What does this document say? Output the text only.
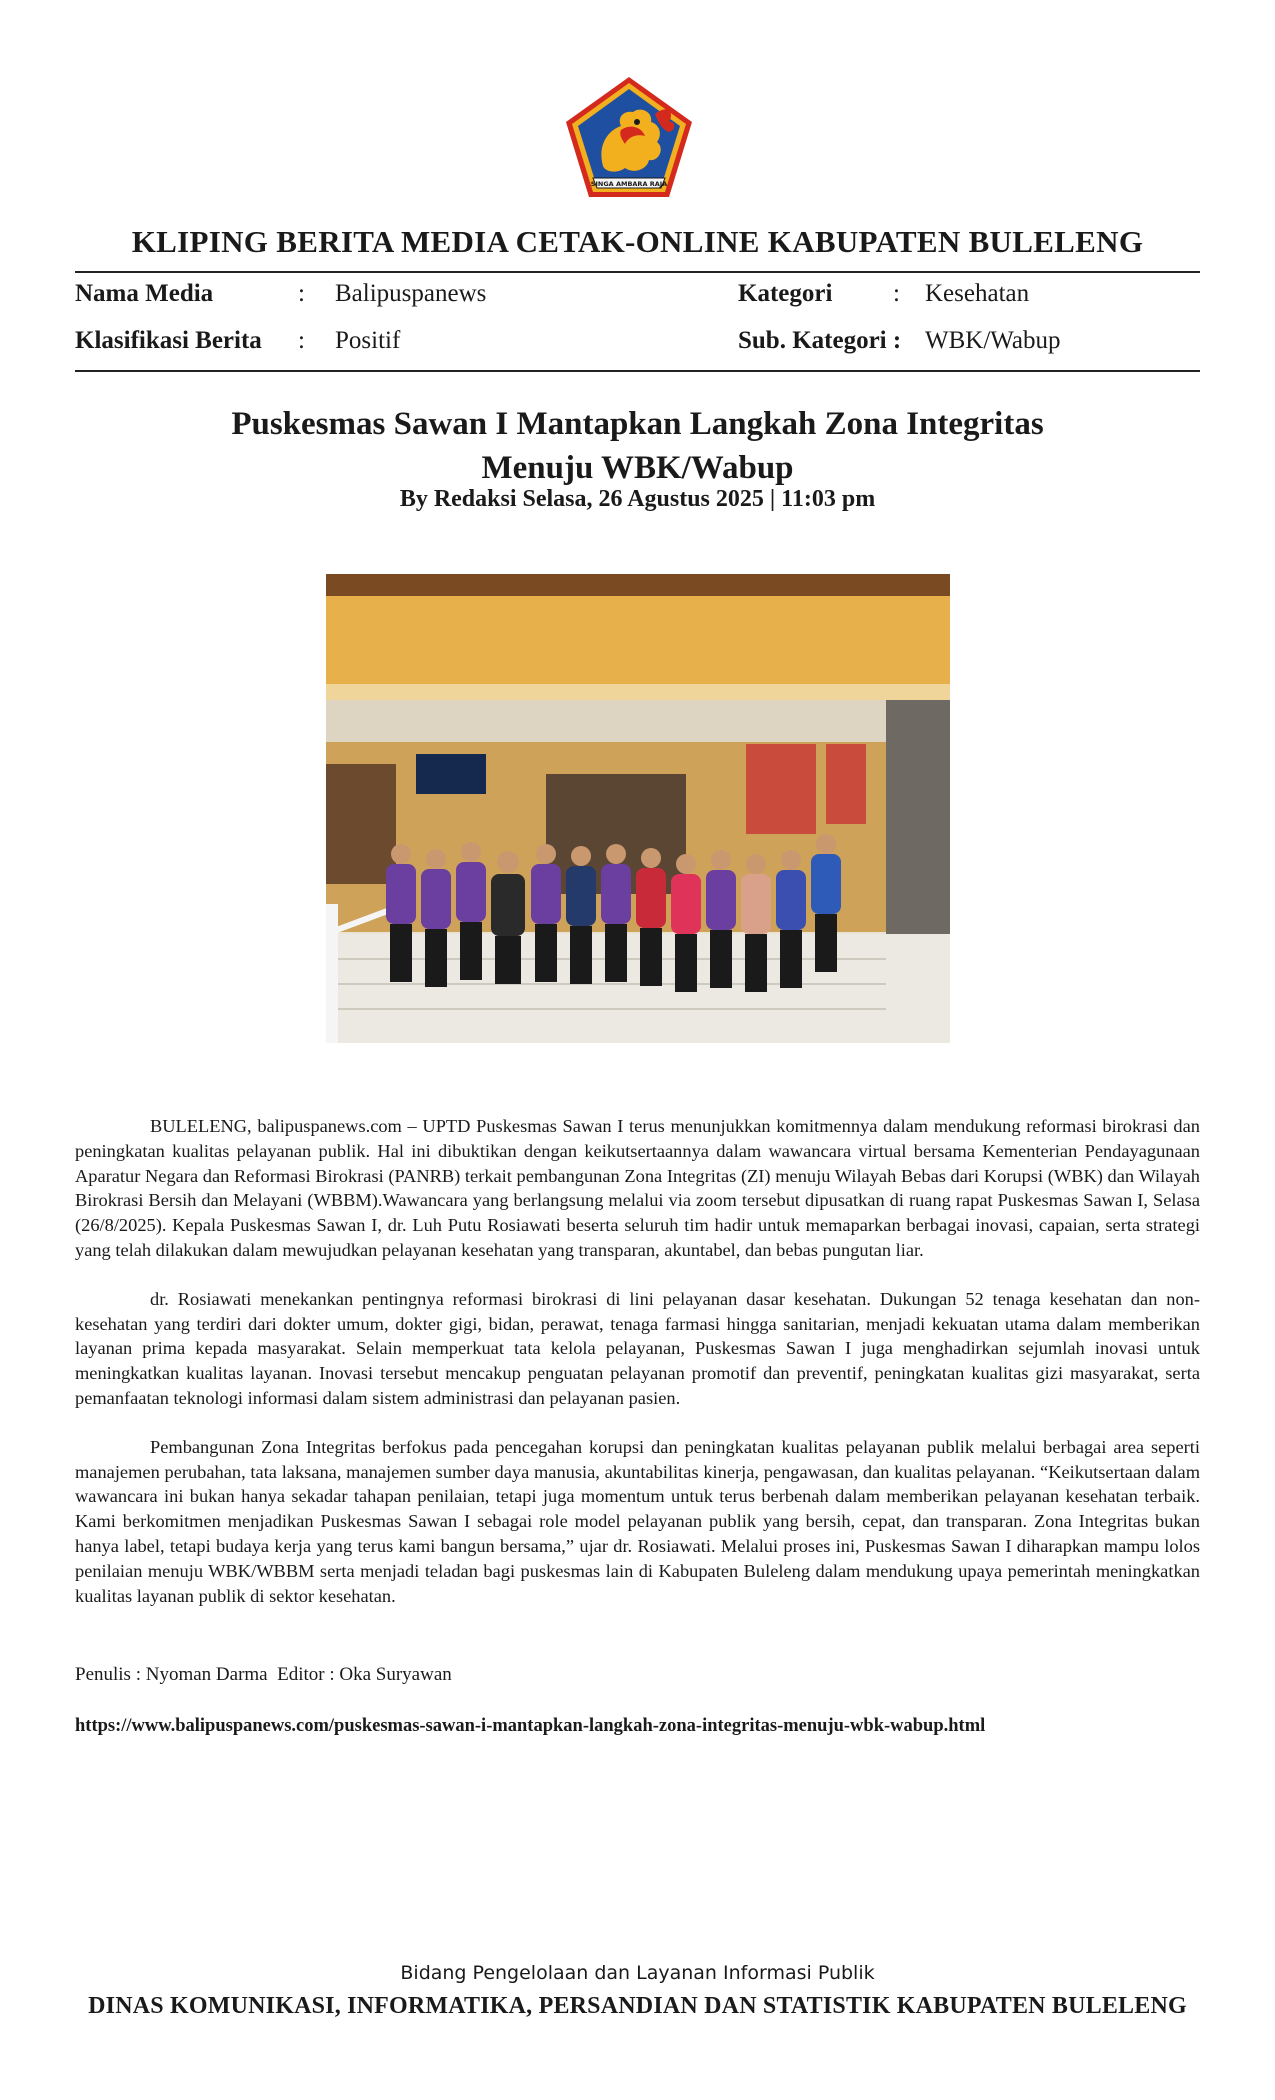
SINGA AMBARA RAJA
KLIPING BERITA MEDIA CETAK-ONLINE KABUPATEN BULELENG
Nama Media	: Balipuspanews
Klasifikasi Berita : Positif
Kategori : Kesehatan
Sub. Kategori : WBK/Wabup
Puskesmas Sawan I Mantapkan Langkah Zona Integritas
Menuju WBK/Wabup
By Redaksi Selasa, 26 Agustus 2025 | 11:03 pm

BULELENG, balipuspanews.com – UPTD Puskesmas Sawan I terus menunjukkan komitmennya dalam mendukung reformasi birokrasi dan peningkatan kualitas pelayanan publik. Hal ini dibuktikan dengan keikutsertaannya dalam wawancara virtual bersama Kementerian Pendayagunaan Aparatur Negara dan Reformasi Birokrasi (PANRB) terkait pembangunan Zona Integritas (ZI) menuju Wilayah Bebas dari Korupsi (WBK) dan Wilayah Birokrasi Bersih dan Melayani (WBBM).Wawancara yang berlangsung melalui via zoom tersebut dipusatkan di ruang rapat Puskesmas Sawan I, Selasa (26/8/2025). Kepala Puskesmas Sawan I, dr. Luh Putu Rosiawati beserta seluruh tim hadir untuk memaparkan berbagai inovasi, capaian, serta strategi yang telah dilakukan dalam mewujudkan pelayanan kesehatan yang transparan, akuntabel, dan bebas pungutan liar.

dr. Rosiawati menekankan pentingnya reformasi birokrasi di lini pelayanan dasar kesehatan. Dukungan 52 tenaga kesehatan dan non-kesehatan yang terdiri dari dokter umum, dokter gigi, bidan, perawat, tenaga farmasi hingga sanitarian, menjadi kekuatan utama dalam memberikan layanan prima kepada masyarakat. Selain memperkuat tata kelola pelayanan, Puskesmas Sawan I juga menghadirkan sejumlah inovasi untuk meningkatkan kualitas layanan. Inovasi tersebut mencakup penguatan pelayanan promotif dan preventif, peningkatan kualitas gizi masyarakat, serta pemanfaatan teknologi informasi dalam sistem administrasi dan pelayanan pasien.

Pembangunan Zona Integritas berfokus pada pencegahan korupsi dan peningkatan kualitas pelayanan publik melalui berbagai area seperti manajemen perubahan, tata laksana, manajemen sumber daya manusia, akuntabilitas kinerja, pengawasan, dan kualitas pelayanan. “Keikutsertaan dalam wawancara ini bukan hanya sekadar tahapan penilaian, tetapi juga momentum untuk terus berbenah dalam memberikan pelayanan kesehatan terbaik. Kami berkomitmen menjadikan Puskesmas Sawan I sebagai role model pelayanan publik yang bersih, cepat, dan transparan. Zona Integritas bukan hanya label, tetapi budaya kerja yang terus kami bangun bersama,” ujar dr. Rosiawati. Melalui proses ini, Puskesmas Sawan I diharapkan mampu lolos penilaian menuju WBK/WBBM serta menjadi teladan bagi puskesmas lain di Kabupaten Buleleng dalam mendukung upaya pemerintah meningkatkan kualitas layanan publik di sektor kesehatan.

Penulis : Nyoman Darma  Editor : Oka Suryawan
https://www.balipuspanews.com/puskesmas-sawan-i-mantapkan-langkah-zona-integritas-menuju-wbk-wabup.html
Bidang Pengelolaan dan Layanan Informasi Publik
DINAS KOMUNIKASI, INFORMATIKA, PERSANDIAN DAN STATISTIK KABUPATEN BULELENG
